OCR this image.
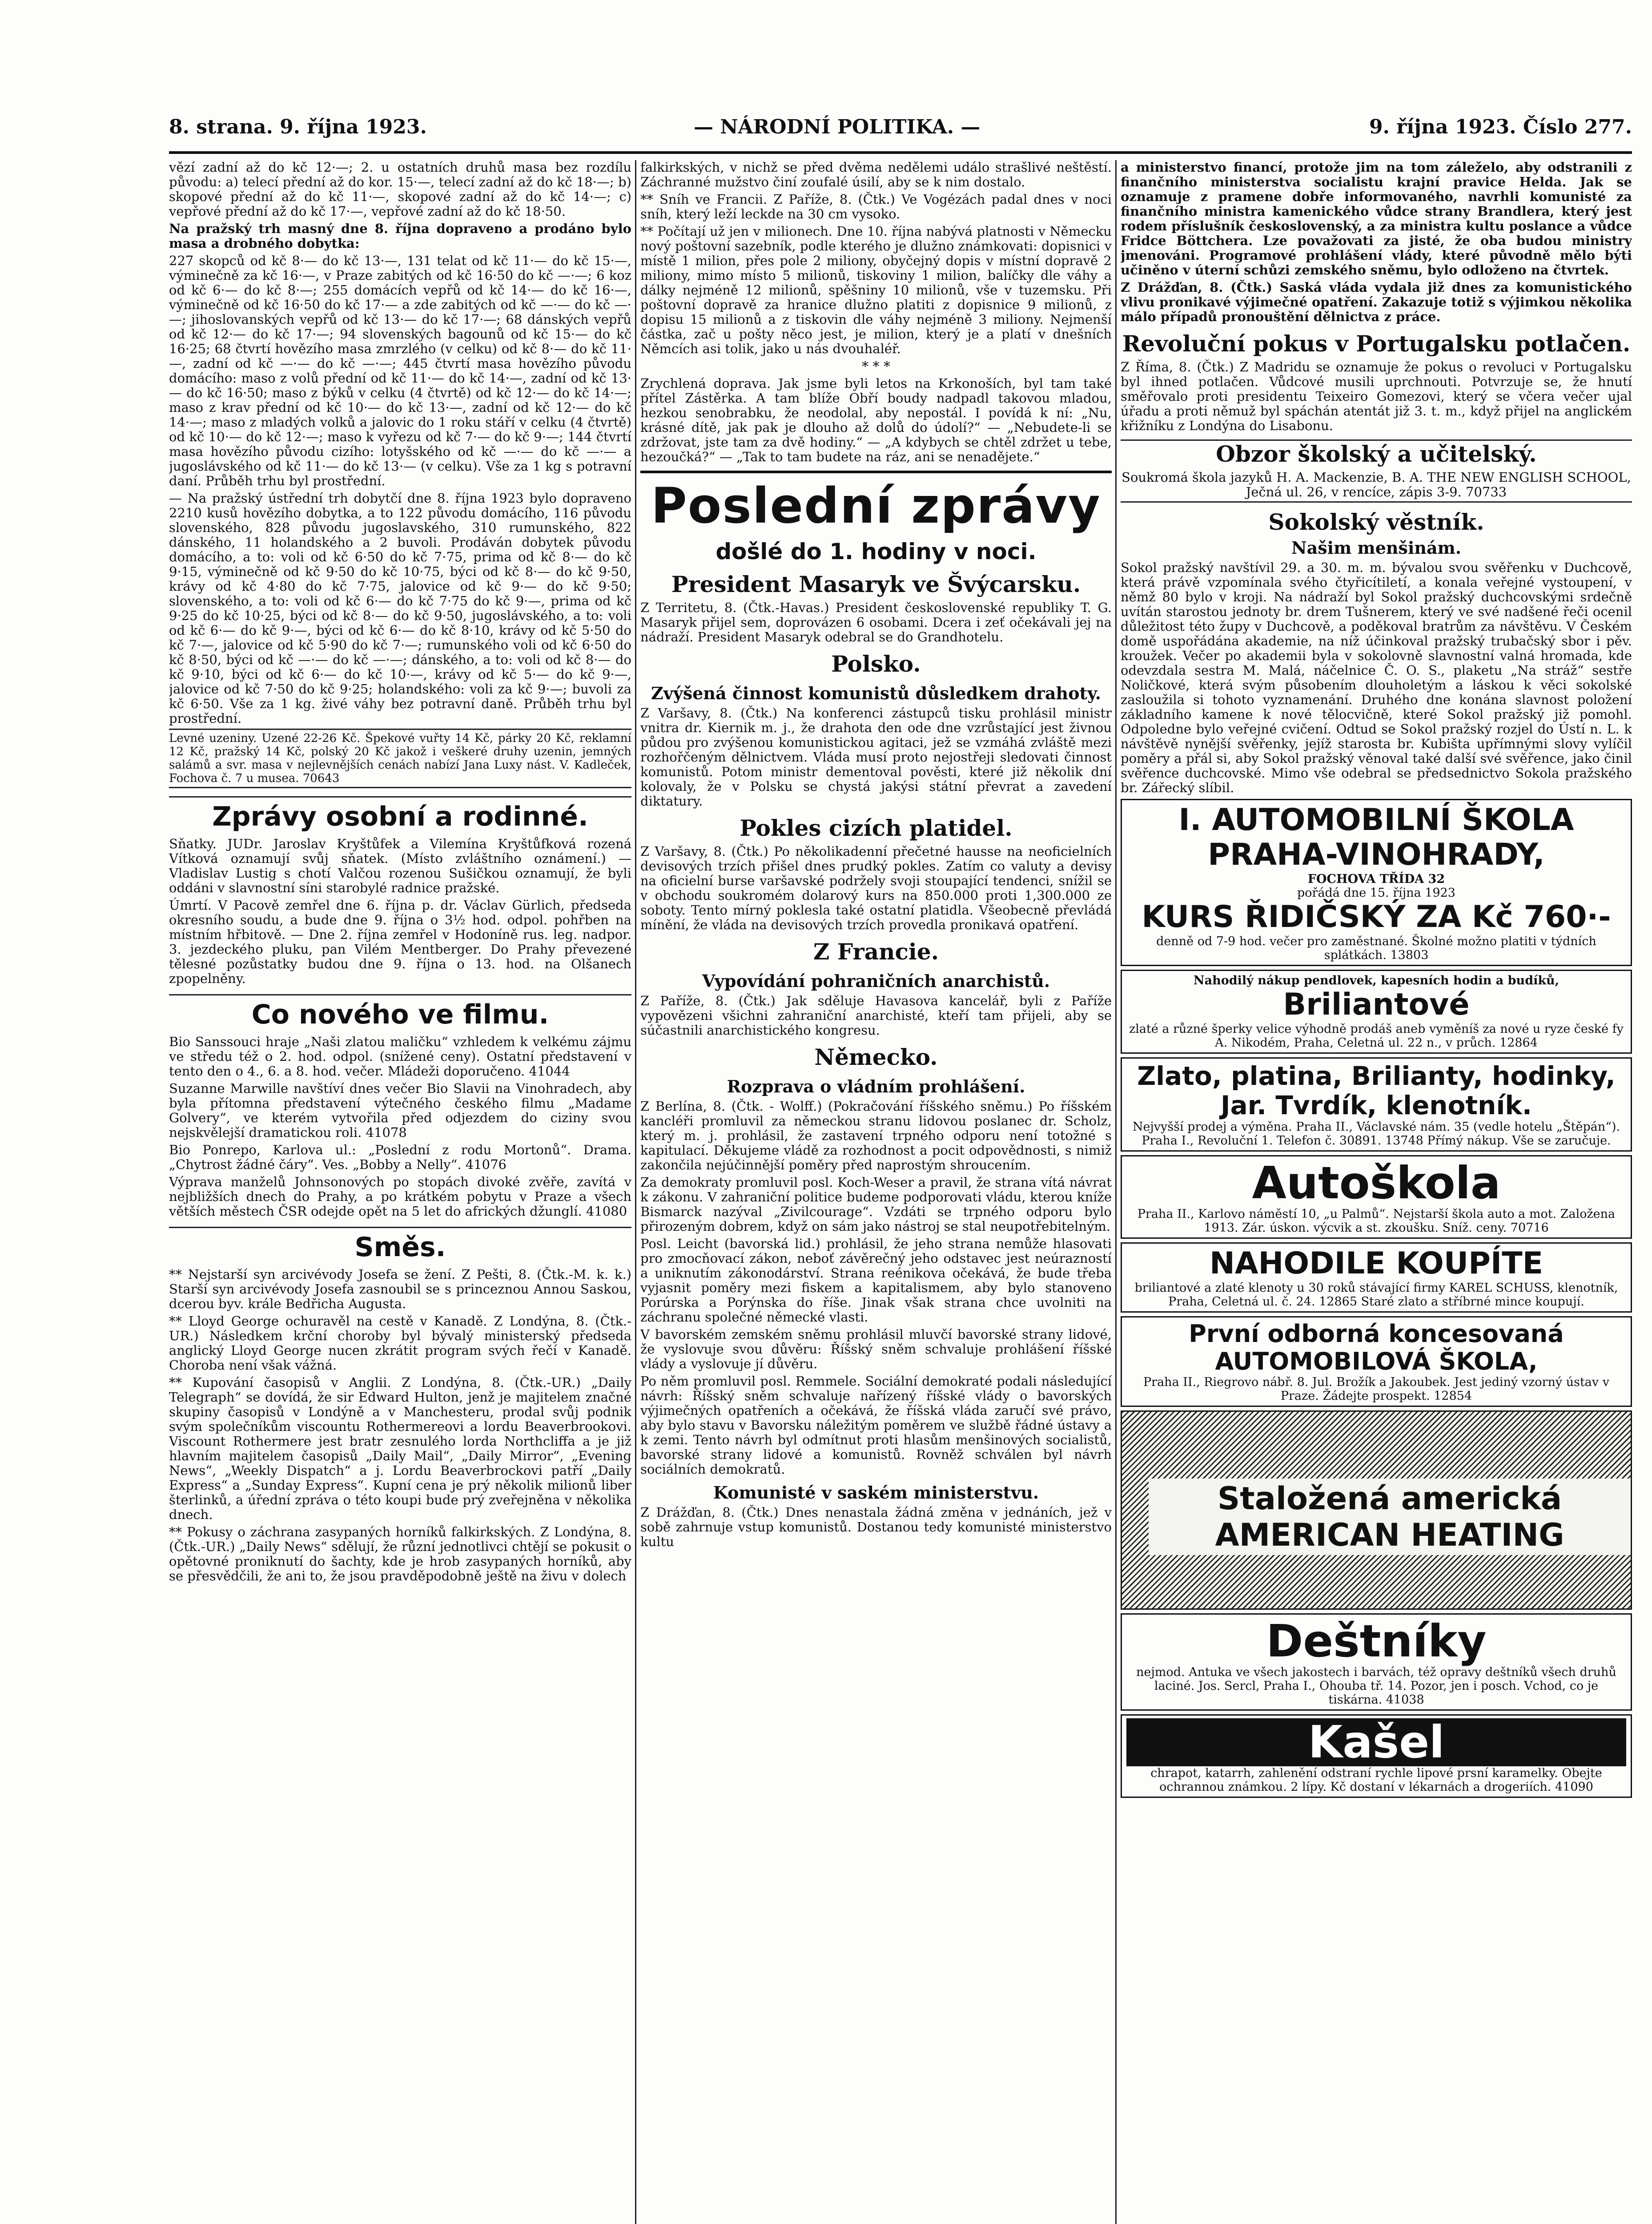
8. strana. 9. října 1923.	— NÁRODNÍ POLITIKA. —	9. října 1923. Číslo 277.

vězí zadní až do kč 12·—; 2. u ostatních druhů masa bez rozdílu původu: a) telecí přední až do kor. 15·—, telecí zadní až do kč 18·—; b) skopové přední až do kč 11·—, skopové zadní až do kč 14·—; c) vepřové přední až do kč 17·—, vepřové zadní až do kč 18·50.

Na pražský trh masný dne 8. října dopraveno a prodáno bylo masa a drobného dobytka:

227 skopců od kč 8·— do kč 13·—, 131 telat od kč 11·— do kč 15·—, výminečně za kč 16·—, v Praze zabitých od kč 16·50 do kč —·—; 6 koz od kč 6·— do kč 8·—; 255 domácích vepřů od kč 14·— do kč 16·—, výminečně od kč 16·50 do kč 17·— a zde zabitých od kč —·— do kč —·—; jihoslovanských vepřů od kč 13·— do kč 17·—; 68 dánských vepřů od kč 12·— do kč 17·—; 94 slovenských bagounů od kč 15·— do kč 16·25; 68 čtvrtí hovězího masa zmrzlého (v celku) od kč 8·— do kč 11·—, zadní od kč —·— do kč —·—; 445 čtvrtí masa hovězího původu domácího: maso z volů přední od kč 11·— do kč 14·—, zadní od kč 13·— do kč 16·50; maso z býků v celku (4 čtvrtě) od kč 12·— do kč 14·—; maso z krav přední od kč 10·— do kč 13·—, zadní od kč 12·— do kč 14·—; maso z mladých volků a jalovic do 1 roku stáří v celku (4 čtvrtě) od kč 10·— do kč 12·—; maso k vyřezu od kč 7·— do kč 9·—; 144 čtvrtí masa hovězího původu cizího: lotyšského od kč —·— do kč —·— a jugoslávského od kč 11·— do kč 13·— (v celku). Vše za 1 kg s potravní daní. Průběh trhu byl prostřední.

— Na pražský ústřední trh dobytčí dne 8. října 1923 bylo dopraveno 2210 kusů hovězího dobytka, a to 122 původu domácího, 116 původu slovenského, 828 původu jugoslavského, 310 rumunského, 822 dánského, 11 holandského a 2 buvoli. Prodáván dobytek původu domácího, a to: voli od kč 6·50 do kč 7·75, prima od kč 8·— do kč 9·15, výminečně od kč 9·50 do kč 10·75, býci od kč 8·— do kč 9·50, krávy od kč 4·80 do kč 7·75, jalovice od kč 9·— do kč 9·50; slovenského, a to: voli od kč 6·— do kč 7·75 do kč 9·—, prima od kč 9·25 do kč 10·25, býci od kč 8·— do kč 9·50, jugoslávského, a to: voli od kč 6·— do kč 9·—, býci od kč 6·— do kč 8·10, krávy od kč 5·50 do kč 7·—, jalovice od kč 5·90 do kč 7·—; rumunského voli od kč 6·50 do kč 8·50, býci od kč —·— do kč —·—; dánského, a to: voli od kč 8·— do kč 9·10, býci od kč 6·— do kč 10·—, krávy od kč 5·— do kč 9·—, jalovice od kč 7·50 do kč 9·25; holandského: voli za kč 9·—; buvoli za kč 6·50. Vše za 1 kg. živé váhy bez potravní daně. Průběh trhu byl prostřední.

Levné uzeniny. Uzené 22-26 Kč. Špekové vuřty 14 Kč, párky 20 Kč, reklamní 12 Kč, pražský 14 Kč, polský 20 Kč jakož i veškeré druhy uzenin, jemných salámů a svr. masa v nejlevnějších cenách nabízí Jana Luxy nást. V. Kadleček, Fochova č. 7 u musea. 70643

Zprávy osobní a rodinné.

Sňatky. JUDr. Jaroslav Kryštůfek a Vilemína Kryštůfková rozená Vítková oznamují svůj sňatek. (Místo zvláštního oznámení.) — Vladislav Lustig s chotí Valčou rozenou Sušičkou oznamují, že byli oddáni v slavnostní síni starobylé radnice pražské.

Úmrtí. V Pacově zemřel dne 6. října p. dr. Václav Gürlich, předseda okresního soudu, a bude dne 9. října o 3½ hod. odpol. pohřben na místním hřbitově. — Dne 2. října zemřel v Hodoníně rus. leg. nadpor. 3. jezdeckého pluku, pan Vilém Mentberger. Do Prahy převezené tělesné pozůstatky budou dne 9. října o 13. hod. na Olšanech zpopelněny.

Co nového ve filmu.

Bio Sanssouci hraje „Naši zlatou maličku“ vzhledem k velkému zájmu ve středu též o 2. hod. odpol. (snížené ceny). Ostatní představení v tento den o 4., 6. a 8. hod. večer. Mládeži doporučeno. 41044

Suzanne Marwille navštíví dnes večer Bio Slavii na Vinohradech, aby byla přítomna představení výtečného českého filmu „Madame Golvery“, ve kterém vytvořila před odjezdem do ciziny svou nejskvělejší dramatickou roli. 41078

Bio Ponrepo, Karlova ul.: „Poslední z rodu Mortonů“. Drama. „Chytrost žádné čáry“. Ves. „Bobby a Nelly“. 41076

Výprava manželů Johnsonových po stopách divoké zvěře, zavítá v nejbližších dnech do Prahy, a po krátkém pobytu v Praze a všech větších městech ČSR odejde opět na 5 let do afrických džunglí. 41080

Směs.

** Nejstarší syn arcivévody Josefa se žení. Z Pešti, 8. (Čtk.-M. k. k.) Starší syn arcivévody Josefa zasnoubil se s princeznou Annou Saskou, dcerou byv. krále Bedřicha Augusta.

** Lloyd George ochuravěl na cestě v Kanadě. Z Londýna, 8. (Čtk.-UR.) Následkem krční choroby byl bývalý ministerský předseda anglický Lloyd George nucen zkrátit program svých řečí v Kanadě. Choroba není však vážná.

** Kupování časopisů v Anglii. Z Londýna, 8. (Čtk.-UR.) „Daily Telegraph“ se dovídá, že sir Edward Hulton, jenž je majitelem značné skupiny časopisů v Londýně a v Manchesteru, prodal svůj podnik svým společníkům viscountu Rothermereovi a lordu Beaverbrookovi. Viscount Rothermere jest bratr zesnulého lorda Northcliffa a je již hlavním majitelem časopisů „Daily Mail“, „Daily Mirror“, „Evening News“, „Weekly Dispatch“ a j. Lordu Beaverbrockovi patří „Daily Express“ a „Sunday Express“. Kupní cena je prý několik milionů liber šterlinků, a úřední zpráva o této koupi bude prý zveřejněna v několika dnech.

** Pokusy o záchrana zasypaných horníků falkirkských. Z Londýna, 8. (Čtk.-UR.) „Daily News“ sdělují, že různí jednotlivci chtějí se pokusit o opětovné proniknutí do šachty, kde je hrob zasypaných horníků, aby se přesvědčili, že ani to, že jsou pravděpodobně ještě na živu v dolech

falkirkských, v nichž se před dvěma nedělemi událo strašlivé neštěstí. Záchranné mužstvo činí zoufalé úsilí, aby se k nim dostalo.

** Sníh ve Francii. Z Paříže, 8. (Čtk.) Ve Vogézách padal dnes v noci sníh, který leží leckde na 30 cm vysoko.

** Počítají už jen v milionech. Dne 10. října nabývá platnosti v Německu nový poštovní sazebník, podle kterého je dlužno známkovati: dopisnici v místě 1 milion, přes pole 2 miliony, obyčejný dopis v místní dopravě 2 miliony, mimo místo 5 milionů, tiskoviny 1 milion, balíčky dle váhy a dálky nejméně 12 milionů, spěšniny 10 milionů, vše v tuzemsku. Při poštovní dopravě za hranice dlužno platiti z dopisnice 9 milionů, z dopisu 15 milionů a z tiskovin dle váhy nejméně 3 miliony. Nejmenší částka, zač u pošty něco jest, je milion, který je a platí v dnešních Němcích asi tolik, jako u nás dvouhaléř.

* * *

Zrychlená doprava. Jak jsme byli letos na Krkonoších, byl tam také přítel Zástěrka. A tam blíže Obří boudy nadpadl takovou mladou, hezkou senobrabku, že neodolal, aby nepostál. I povídá k ní: „Nu, krásné dítě, jak pak je dlouho až dolů do údolí?“ — „Nebudete-li se zdržovat, jste tam za dvě hodiny.“ — „A kdybych se chtěl zdržet u tebe, hezoučká?“ — „Tak to tam budete na ráz, ani se nenadějete.“

Poslední zprávy
došlé do 1. hodiny v noci.
President Masaryk ve Švýcarsku.

Z Territetu, 8. (Čtk.-Havas.) President československé republiky T. G. Masaryk přijel sem, doprovázen 6 osobami. Dcera i zeť očekávali jej na nádraží. President Masaryk odebral se do Grandhotelu.

Polsko.
Zvýšená činnost komunistů důsledkem drahoty.

Z Varšavy, 8. (Čtk.) Na konferenci zástupců tisku prohlásil ministr vnitra dr. Kiernik m. j., že drahota den ode dne vzrůstající jest živnou půdou pro zvýšenou komunistickou agitaci, jež se vzmáhá zvláště mezi rozhořčeným dělnictvem. Vláda musí proto nejostřeji sledovati činnost komunistů. Potom ministr dementoval pověsti, které již několik dní kolovaly, že v Polsku se chystá jakýsi státní převrat a zavedení diktatury.

Pokles cizích platidel.

Z Varšavy, 8. (Čtk.) Po několikadenní přečetné hausse na neoficielních devisových trzích přišel dnes prudký pokles. Zatím co valuty a devisy na oficielní burse varšavské podržely svoji stoupající tendenci, snížil se v obchodu soukromém dolarový kurs na 850.000 proti 1,300.000 ze soboty. Tento mírný poklesla také ostatní platidla. Všeobecně převládá mínění, že vláda na devisových trzích provedla pronikavá opatření.

Z Francie.
Vypovídání pohraničních anarchistů.

Z Paříže, 8. (Čtk.) Jak sděluje Havasova kancelář, byli z Paříže vypovězeni všichni zahraniční anarchisté, kteří tam přijeli, aby se súčastnili anarchistického kongresu.

Německo.
Rozprava o vládním prohlášení.

Z Berlína, 8. (Čtk. - Wolff.) (Pokračování říšského sněmu.) Po říšském kancléři promluvil za německou stranu lidovou poslanec dr. Scholz, který m. j. prohlásil, že zastavení trpného odporu není totožné s kapitulací. Děkujeme vládě za rozhodnost a pocit odpovědnosti, s nimiž zakončila nejúčinnější poměry před naprostým shroucením.

Za demokraty promluvil posl. Koch-Weser a pravil, že strana vítá návrat k zákonu. V zahraniční politice budeme podporovati vládu, kterou kníže Bismarck nazýval „Zivilcourage“. Vzdáti se trpného odporu bylo přirozeným dobrem, když on sám jako nástroj se stal neupotřebitelným.

Posl. Leicht (bavorská lid.) prohlásil, že jeho strana nemůže hlasovati pro zmocňovací zákon, neboť závěrečný jeho odstavec jest neúrazností a uniknutím zákonodárství. Strana reénikova očekává, že bude třeba vyjasnit poměry mezi fiskem a kapitalismem, aby bylo stanoveno Porúrska a Porýnska do říše. Jinak však strana chce uvolniti na záchranu společné německé vlasti.

V bavorském zemském sněmu prohlásil mluvčí bavorské strany lidové, že vyslovuje svou důvěru: Říšský sněm schvaluje prohlášení říšské vlády a vyslovuje jí důvěru.

Po něm promluvil posl. Remmele. Sociální demokraté podali následující návrh: Říšský sněm schvaluje nařízený říšské vlády o bavorských výjimečných opatřeních a očekává, že říšská vláda zaručí své právo, aby bylo stavu v Bavorsku náležitým poměrem ve službě řádné ústavy a k zemi. Tento návrh byl odmítnut proti hlasům menšinových socialistů, bavorské strany lidové a komunistů. Rovněž schválen byl návrh sociálních demokratů.

Komunisté v saském ministerstvu.

Z Drážďan, 8. (Čtk.) Dnes nenastala žádná změna v jednáních, jež v sobě zahrnuje vstup komunistů. Dostanou tedy komunisté ministerstvo kultu

a ministerstvo financí, protože jim na tom záleželo, aby odstranili z finančního ministerstva socialistu krajní pravice Helda. Jak se oznamuje z pramene dobře informovaného, navrhli komunisté za finančního ministra kamenického vůdce strany Brandlera, který jest rodem příslušník československý, a za ministra kultu poslance a vůdce Fridce Böttchera. Lze považovati za jisté, že oba budou ministry jmenováni. Programové prohlášení vlády, které původně mělo býti učiněno v úterní schůzi zemského sněmu, bylo odloženo na čtvrtek.

Z Drážďan, 8. (Čtk.) Saská vláda vydala již dnes za komunistického vlivu pronikavé výjimečné opatření. Zakazuje totiž s výjimkou několika málo případů pronouštění dělnictva z práce.

Revoluční pokus v Portugalsku potlačen.

Z Říma, 8. (Čtk.) Z Madridu se oznamuje že pokus o revoluci v Portugalsku byl ihned potlačen. Vůdcové musili uprchnouti. Potvrzuje se, že hnutí směřovalo proti presidentu Teixeiro Gomezovi, který se včera večer ujal úřadu a proti němuž byl spáchán atentát již 3. t. m., když přijel na anglickém křižníku z Londýna do Lisabonu.

Obzor školský a učitelský.

Soukromá škola jazyků H. A. Mackenzie, B. A. THE NEW ENGLISH SCHOOL, Ječná ul. 26, v rencíce, zápis 3-9. 70733

Sokolský věstník.
Našim menšinám.

Sokol pražský navštívil 29. a 30. m. m. bývalou svou svěřenku v Duchcově, která právě vzpomínala svého čtyřicítiletí, a konala veřejné vystoupení, v němž 80 bylo v kroji. Na nádraží byl Sokol pražský duchcovskými srdečně uvítán starostou jednoty br. drem Tušnerem, který ve své nadšené řeči ocenil důležitost této župy v Duchcově, a poděkoval bratrům za návštěvu. V Českém domě uspořádána akademie, na níž účinkoval pražský trubačský sbor i pěv. kroužek. Večer po akademii byla v sokolovně slavnostní valná hromada, kde odevzdala sestra M. Malá, náčelnice Č. O. S., plaketu „Na stráž“ sestře Noličkové, která svým působením dlouholetým a láskou k věci sokolské zasloužila si tohoto vyznamenání. Druhého dne konána slavnost položení základního kamene k nové tělocvičně, které Sokol pražský již pomohl. Odpoledne bylo veřejné cvičení. Odtud se Sokol pražský rozjel do Ústí n. L. k návštěvě nynější svěřenky, jejíž starosta br. Kubišta upřímnými slovy vylíčil poměry a přál si, aby Sokol pražský věnoval také další své svěřence, jako činil svěřence duchcovské. Mimo vše odebral se předsednictvo Sokola pražského br. Zářecký slíbil.

I. AUTOMOBILNÍ ŠKOLA PRAHA-VINOHRADY,
FOCHOVA TŘÍDA 32
pořádá dne 15. října 1923
KURS ŘIDIČSKÝ ZA Kč 760·-
denně od 7-9 hod. večer pro zaměstnané. Školné možno platiti v týdních splátkách. 13803
Nahodilý nákup pendlovek, kapesních hodin a budíků,
Briliantové
zlaté a různé šperky velice výhodně prodáš aneb vyměníš za nové u ryze české fy A. Nikodém, Praha, Celetná ul. 22 n., v průch. 12864
Zlato, platina, Brilianty, hodinky, Jar. Tvrdík, klenotník.
Nejvyšší prodej a výměna. Praha II., Václavské nám. 35 (vedle hotelu „Štěpán“). Praha I., Revoluční 1. Telefon č. 30891. 13748 Přímý nákup. Vše se zaručuje.
Autoškola
Praha II., Karlovo náměstí 10, „u Palmů“. Nejstarší škola auto a mot. Založena 1913. Zár. úskon. výcvik a st. zkoušku. Sníž. ceny. 70716
NAHODILE KOUPÍTE
briliantové a zlaté klenoty u 30 roků stávající firmy KAREL SCHUSS, klenotník, Praha, Celetná ul. č. 24. 12865 Staré zlato a stříbrné mince koupují.
První odborná koncesovaná AUTOMOBILOVÁ ŠKOLA,
Praha II., Riegrovo nábř. 8. Jul. Brožík a Jakoubek. Jest jediný vzorný ústav v Praze. Žádejte prospekt. 12854
Staložená americká AMERICAN HEATING
Deštníky
nejmod. Antuka ve všech jakostech i barvách, též opravy deštníků všech druhů laciné. Jos. Sercl, Praha I., Ohouba tř. 14. Pozor, jen i posch. Vchod, co je tiskárna. 41038
Kašel
chrapot, katarrh, zahlenění odstraní rychle lipové prsní karamelky. Obejte ochrannou známkou. 2 lípy. Kč dostaní v lékarnách a drogeriích. 41090
